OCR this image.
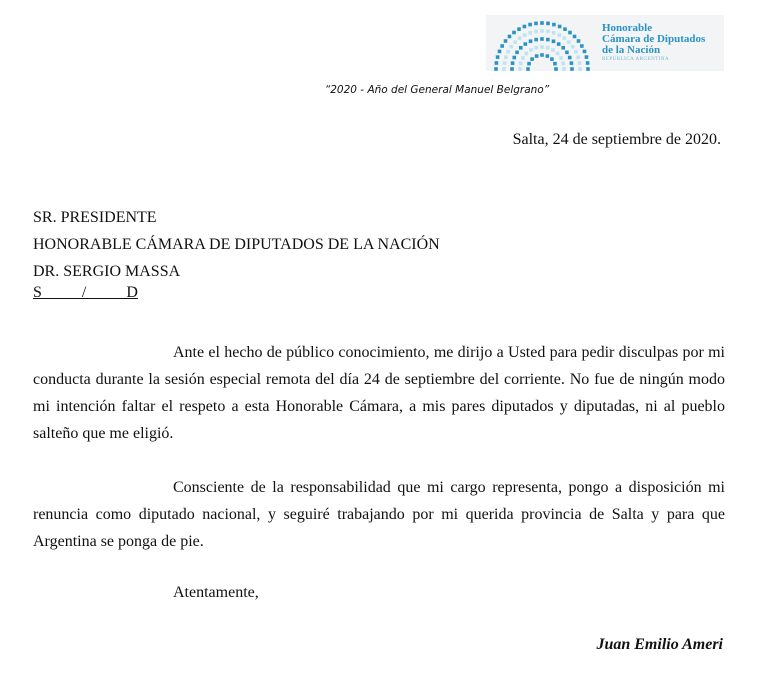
Honorable
Cámara de Diputados
de la Nación
REPÚBLICA ARGENTINA
“2020 - Año del General Manuel Belgrano”
Salta, 24 de septiembre de 2020.
SR. PRESIDENTE
HONORABLE CÁMARA DE DIPUTADOS DE LA NACIÓN
DR. SERGIO MASSA
S          /          D

Ante el hecho de público conocimiento, me dirijo a Usted para pedir disculpas por mi conducta durante la sesión especial remota del día 24 de septiembre del corriente. No fue de ningún modo mi intención faltar el respeto a esta Honorable Cámara, a mis pares diputados y diputadas, ni al pueblo salteño que me eligió.

Consciente de la responsabilidad que mi cargo representa, pongo a disposición mi renuncia como diputado nacional, y seguiré trabajando por mi querida provincia de Salta y para que Argentina se ponga de pie.

Atentamente,
Juan Emilio Ameri
